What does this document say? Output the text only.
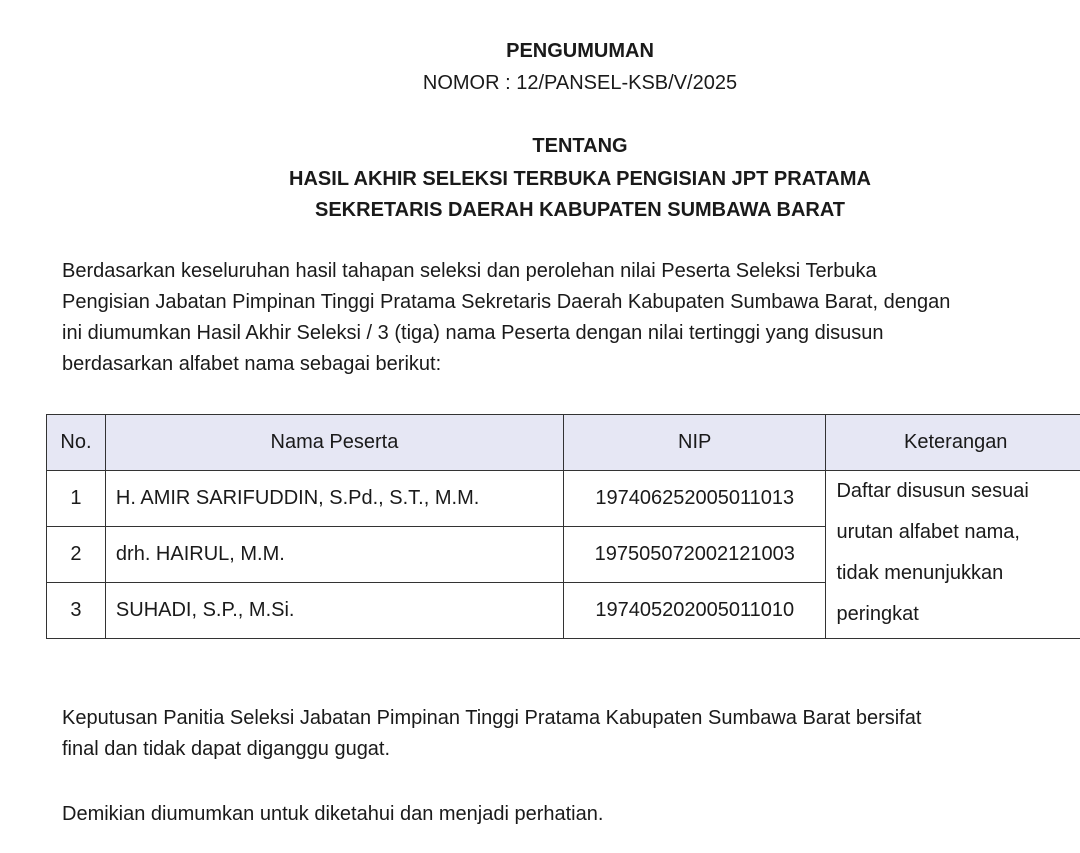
PENGUMUMAN
NOMOR : 12/PANSEL-KSB/V/2025
TENTANG
HASIL AKHIR SELEKSI TERBUKA PENGISIAN JPT PRATAMA
SEKRETARIS DAERAH KABUPATEN SUMBAWA BARAT
Berdasarkan keseluruhan hasil tahapan seleksi dan perolehan nilai Peserta Seleksi Terbuka
Pengisian Jabatan Pimpinan Tinggi Pratama Sekretaris Daerah Kabupaten Sumbawa Barat, dengan
ini diumumkan Hasil Akhir Seleksi / 3 (tiga) nama Peserta dengan nilai tertinggi yang disusun
berdasarkan alfabet nama sebagai berikut:
No.	Nama Peserta	NIP	Keterangan
1	H. AMIR SARIFUDDIN, S.Pd., S.T., M.M.	197406252005011013	Daftar disusun sesuai
urutan alfabet nama,
tidak menunjukkan
peringkat

2	drh. HAIRUL, M.M.	197505072002121003	
3	SUHADI, S.P., M.Si.	197405202005011010	
Keputusan Panitia Seleksi Jabatan Pimpinan Tinggi Pratama Kabupaten Sumbawa Barat bersifat
final dan tidak dapat diganggu gugat.
Demikian diumumkan untuk diketahui dan menjadi perhatian.
